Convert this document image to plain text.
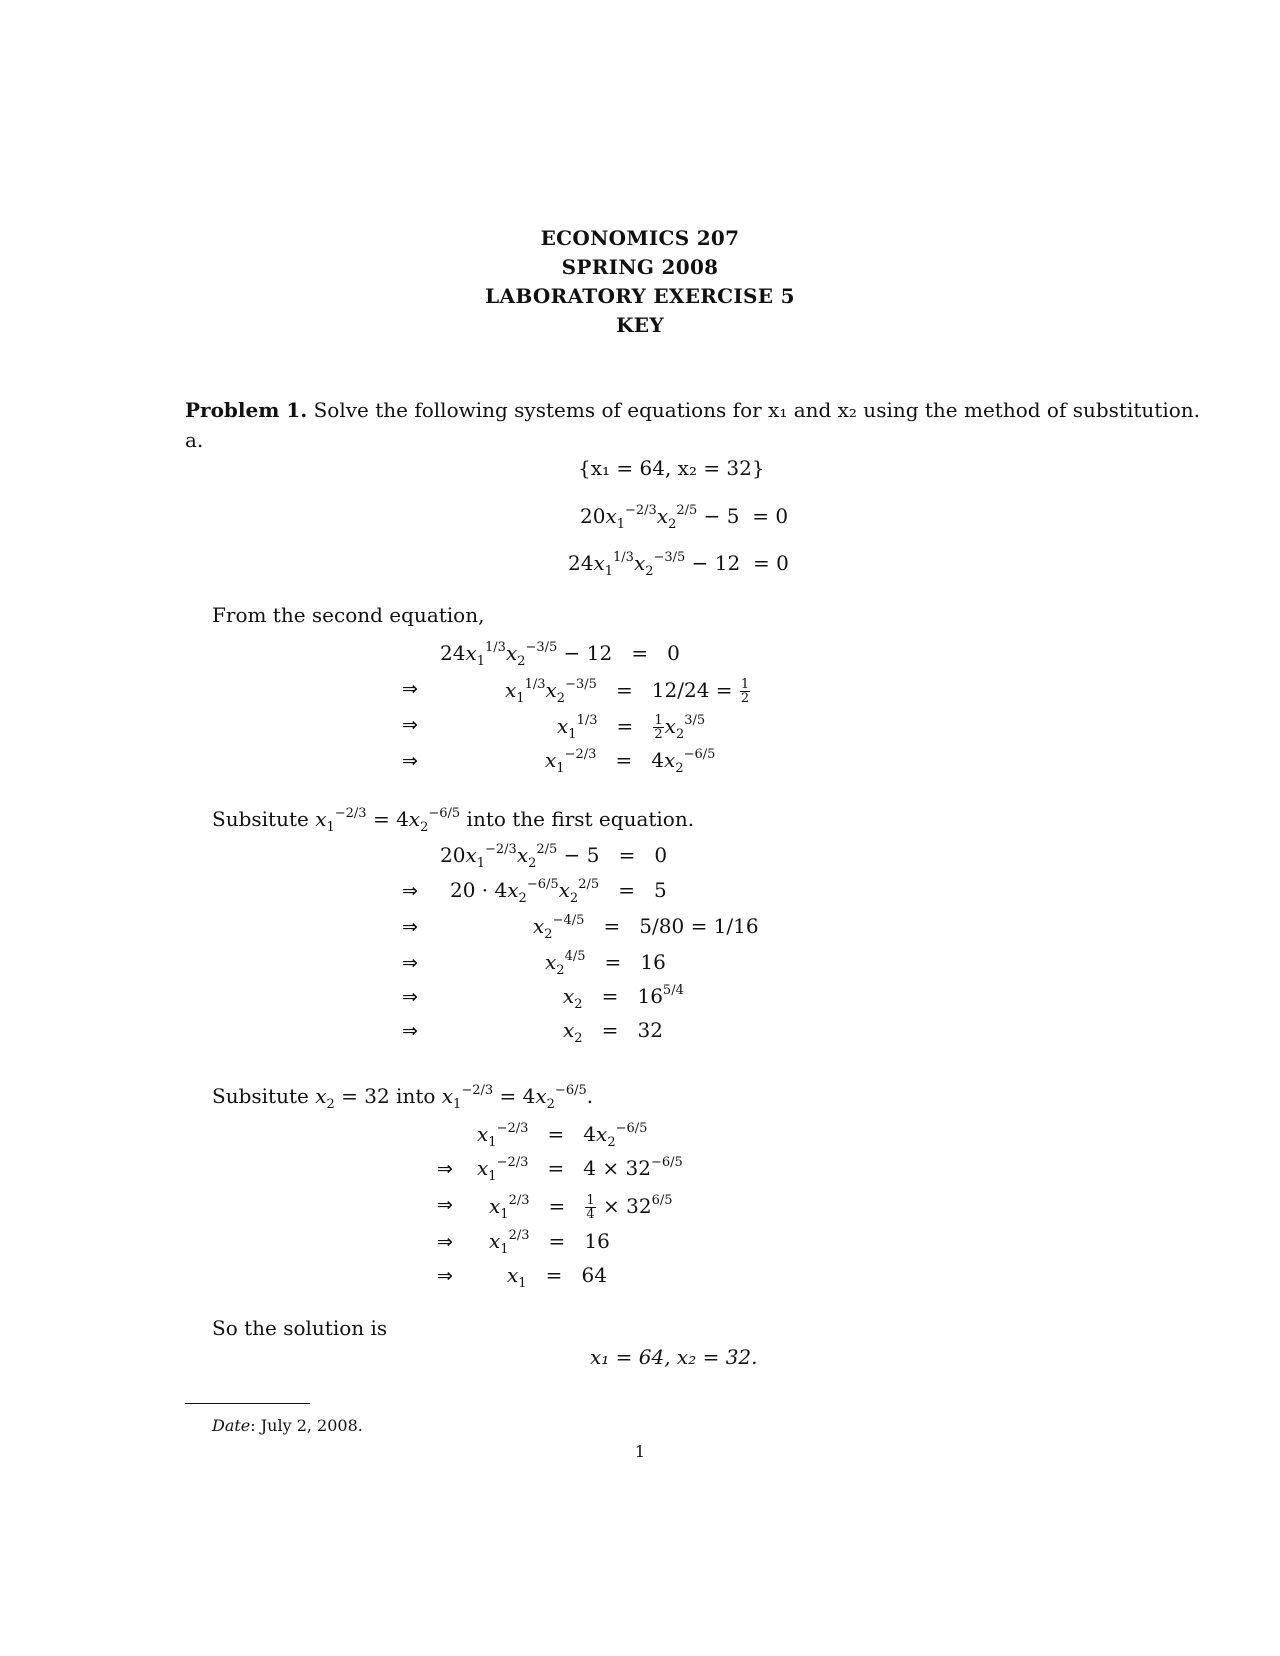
ECONOMICS 207
SPRING 2008
LABORATORY EXERCISE 5
KEY
Problem 1. Solve the following systems of equations for x₁ and x₂ using the method of substitution.
a.
{x₁ = 64, x₂ = 32}
$20x_1^{-2/3}x_2^{2/5} - 5 = 0$
$24x_1^{1/3}x_2^{-3/5} - 12 = 0$
From the second equation,
$24x_1^{1/3}x_2^{-3/5} - 12 = 0$
⇒	$x_1^{1/3}x_2^{-3/5} = 12/24 = \frac{1}{2}$
⇒	$x_1^{1/3} = \frac{1}{2} x_2^{3/5}$
⇒	$x_1^{-2/3} = 4x_2^{-6/5}$
Subsitute $x_1^{-2/3} = 4x_2^{-6/5}$ into the first equation.
$20x_1^{-2/3}x_2^{2/5} - 5 = 0$
⇒ $20 \cdot 4x_2^{-6/5}x_2^{2/5} = 5$
⇒	$x_2^{-4/5} = 5/80 = 1/16$
⇒	$x_2^{4/5} = 16$
⇒	$x_2 = 16^{5/4}$
⇒	$x_2 = 32$
Subsitute $x_2 = 32$ into $x_1^{-2/3} = 4x_2^{-6/5}$.
$x_1^{-2/3} = 4x_2^{-6/5}$
⇒ $x_1^{-2/3} = 4 \times 32^{-6/5}$
⇒ $x_1^{2/3} = \frac{1}{4} \times 32^{6/5}$
⇒ $x_1^{2/3} = 16$
⇒	$x_1 = 64$
So the solution is
x₁ = 64, x₂ = 32.
Date: July 2, 2008.
1
